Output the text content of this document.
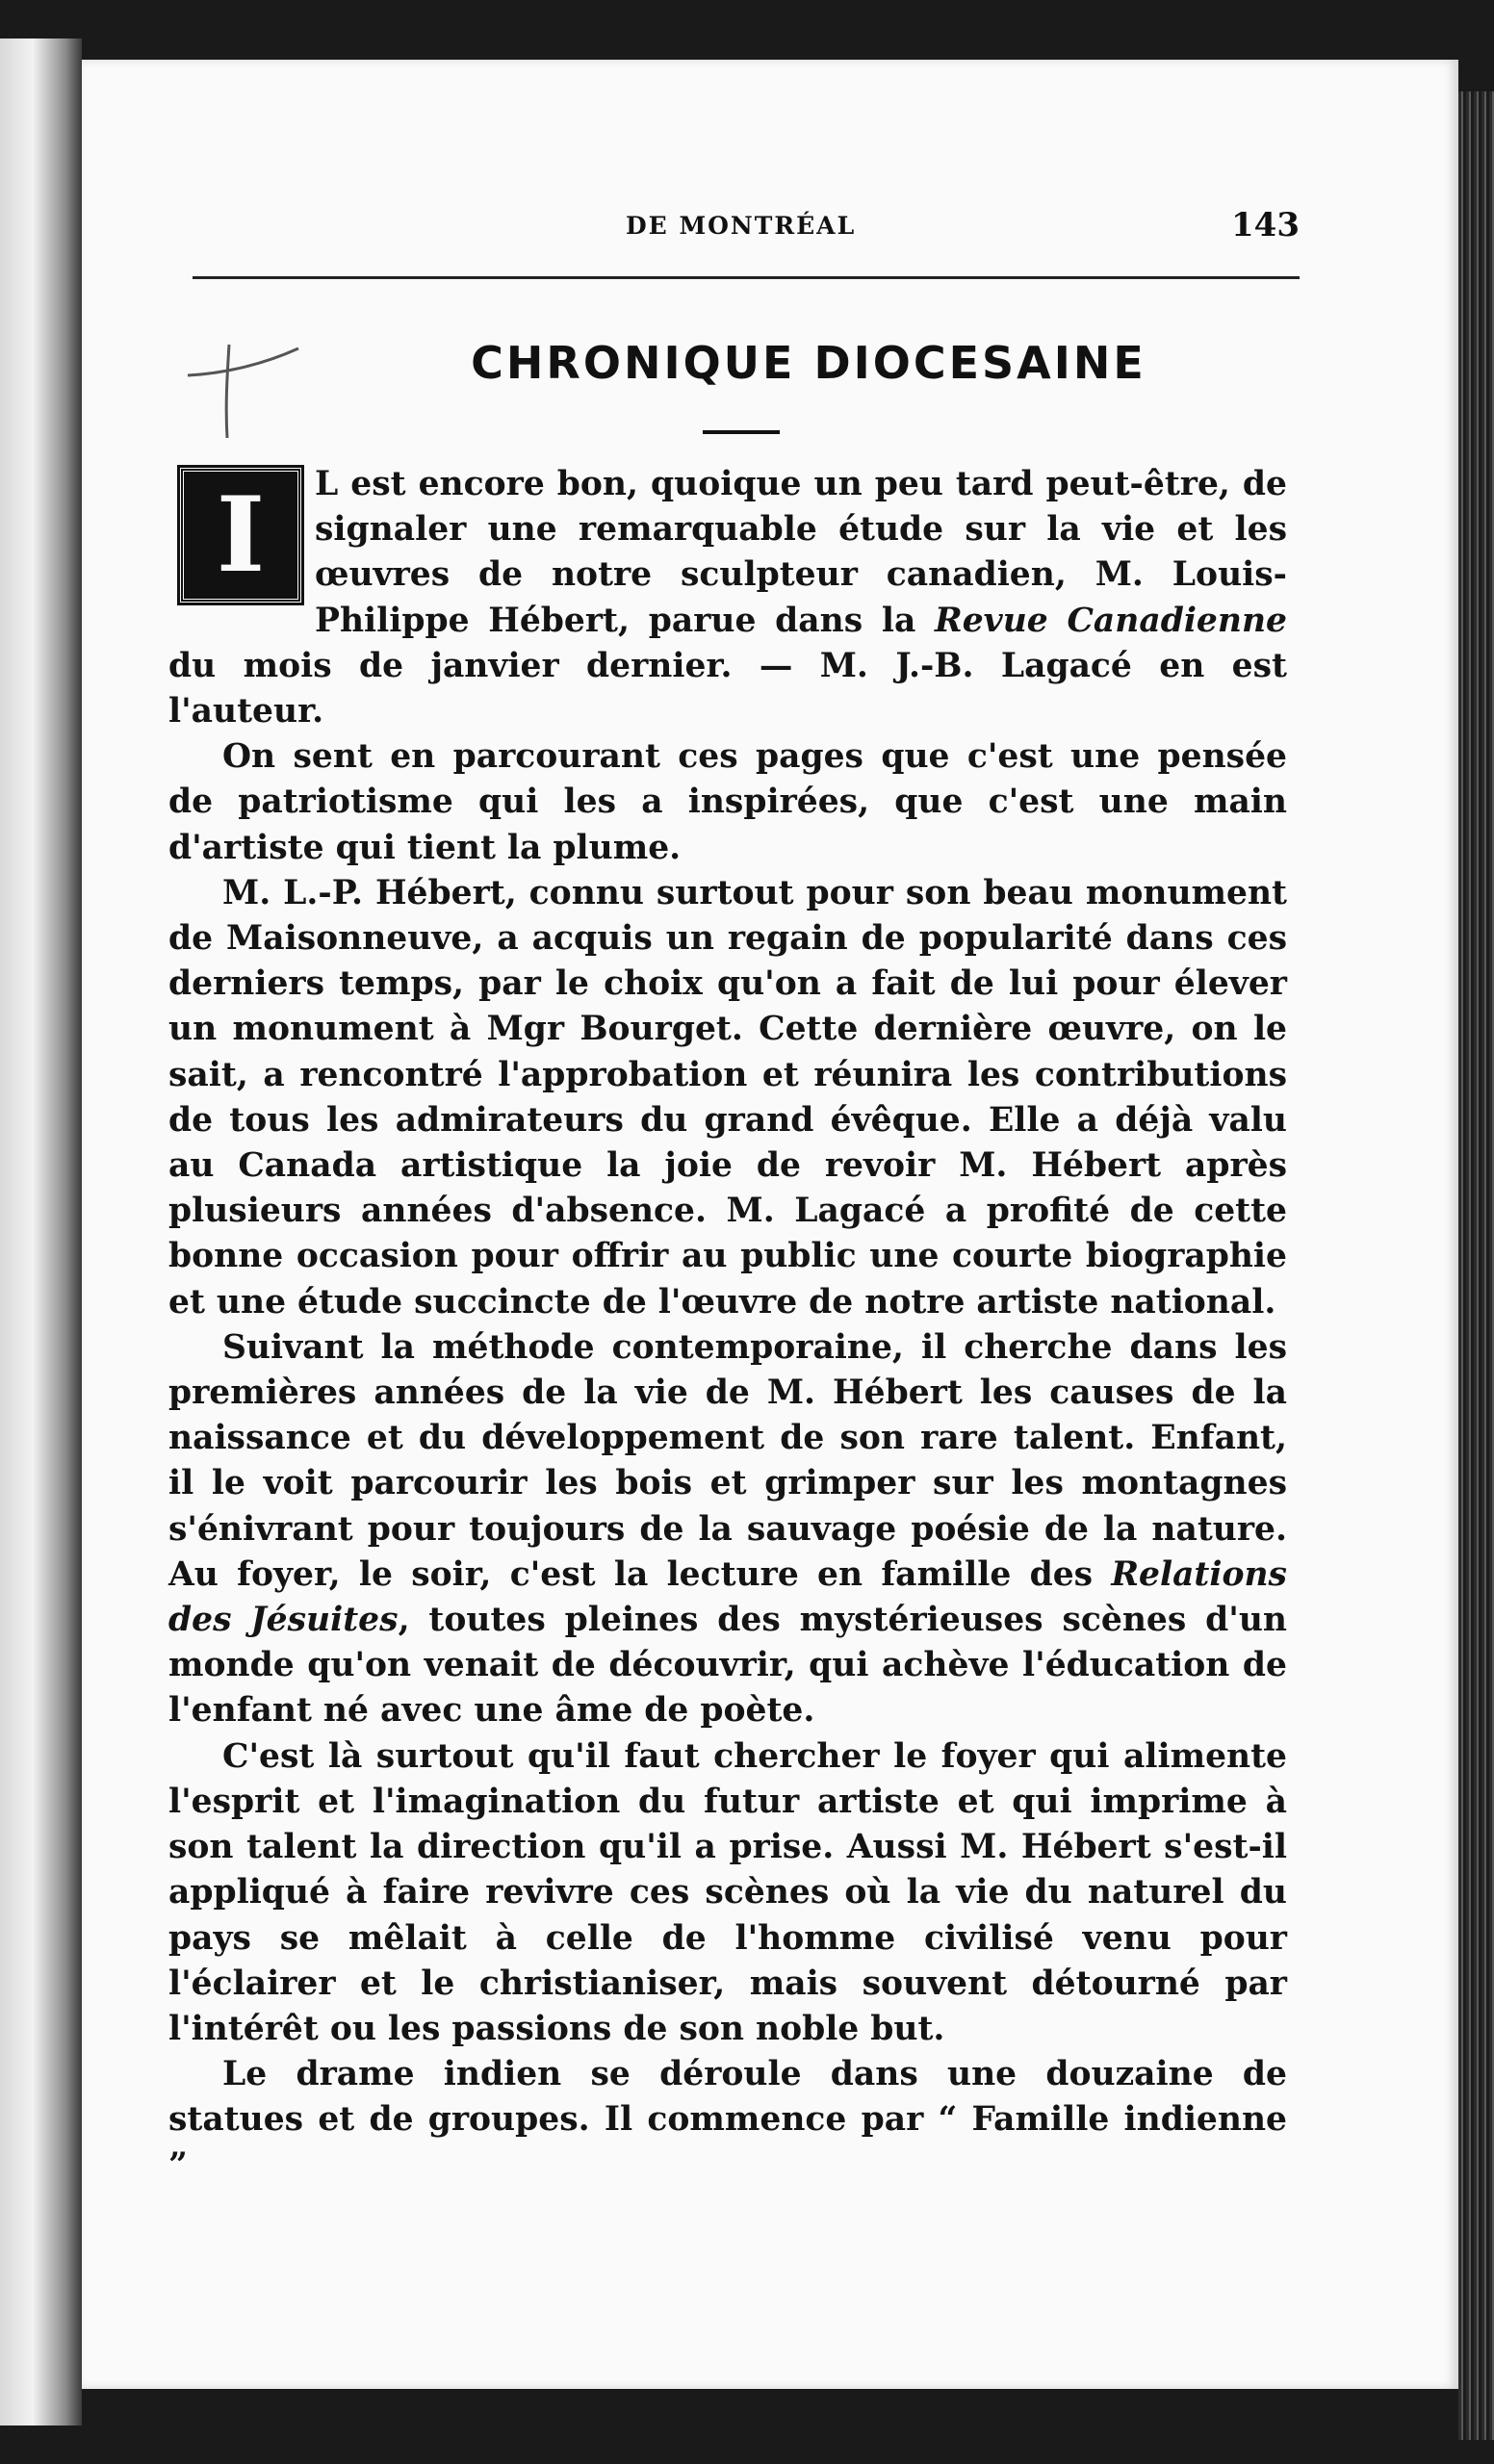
DE MONTRÉAL	143
CHRONIQUE DIOCESAINE

I	L est encore bon, quoique un peu tard peut-être, de signaler une remarquable étude sur la vie et les œuvres de notre sculpteur canadien, M. Louis-Philippe Hébert, parue dans la Revue Canadienne du mois de janvier dernier. — M. J.-B. Lagacé en est l'auteur.

On sent en parcourant ces pages que c'est une pensée de patriotisme qui les a inspirées, que c'est une main d'artiste qui tient la plume.

M. L.-P. Hébert, connu surtout pour son beau monument de Maisonneuve, a acquis un regain de popularité dans ces derniers temps, par le choix qu'on a fait de lui pour élever un monument à Mgr Bourget. Cette dernière œuvre, on le sait, a rencontré l'approbation et réunira les contributions de tous les admirateurs du grand évêque. Elle a déjà valu au Canada artistique la joie de revoir M. Hébert après plusieurs années d'absence. M. Lagacé a profité de cette bonne occasion pour offrir au public une courte biographie et une étude succincte de l'œuvre de notre artiste national.

Suivant la méthode contemporaine, il cherche dans les premières années de la vie de M. Hébert les causes de la naissance et du développement de son rare talent. Enfant, il le voit parcourir les bois et grimper sur les montagnes s'énivrant pour toujours de la sauvage poésie de la nature. Au foyer, le soir, c'est la lecture en famille des Relations des Jésuites, toutes pleines des mystérieuses scènes d'un monde qu'on venait de découvrir, qui achève l'éducation de l'enfant né avec une âme de poète.

C'est là surtout qu'il faut chercher le foyer qui alimente l'esprit et l'imagination du futur artiste et qui imprime à son talent la direction qu'il a prise. Aussi M. Hébert s'est-il appliqué à faire revivre ces scènes où la vie du naturel du pays se mêlait à celle de l'homme civilisé venu pour l'éclairer et le christianiser, mais souvent détourné par l'intérêt ou les passions de son noble but.

Le drame indien se déroule dans une douzaine de statues et de groupes. Il commence par “ Famille indienne ”
